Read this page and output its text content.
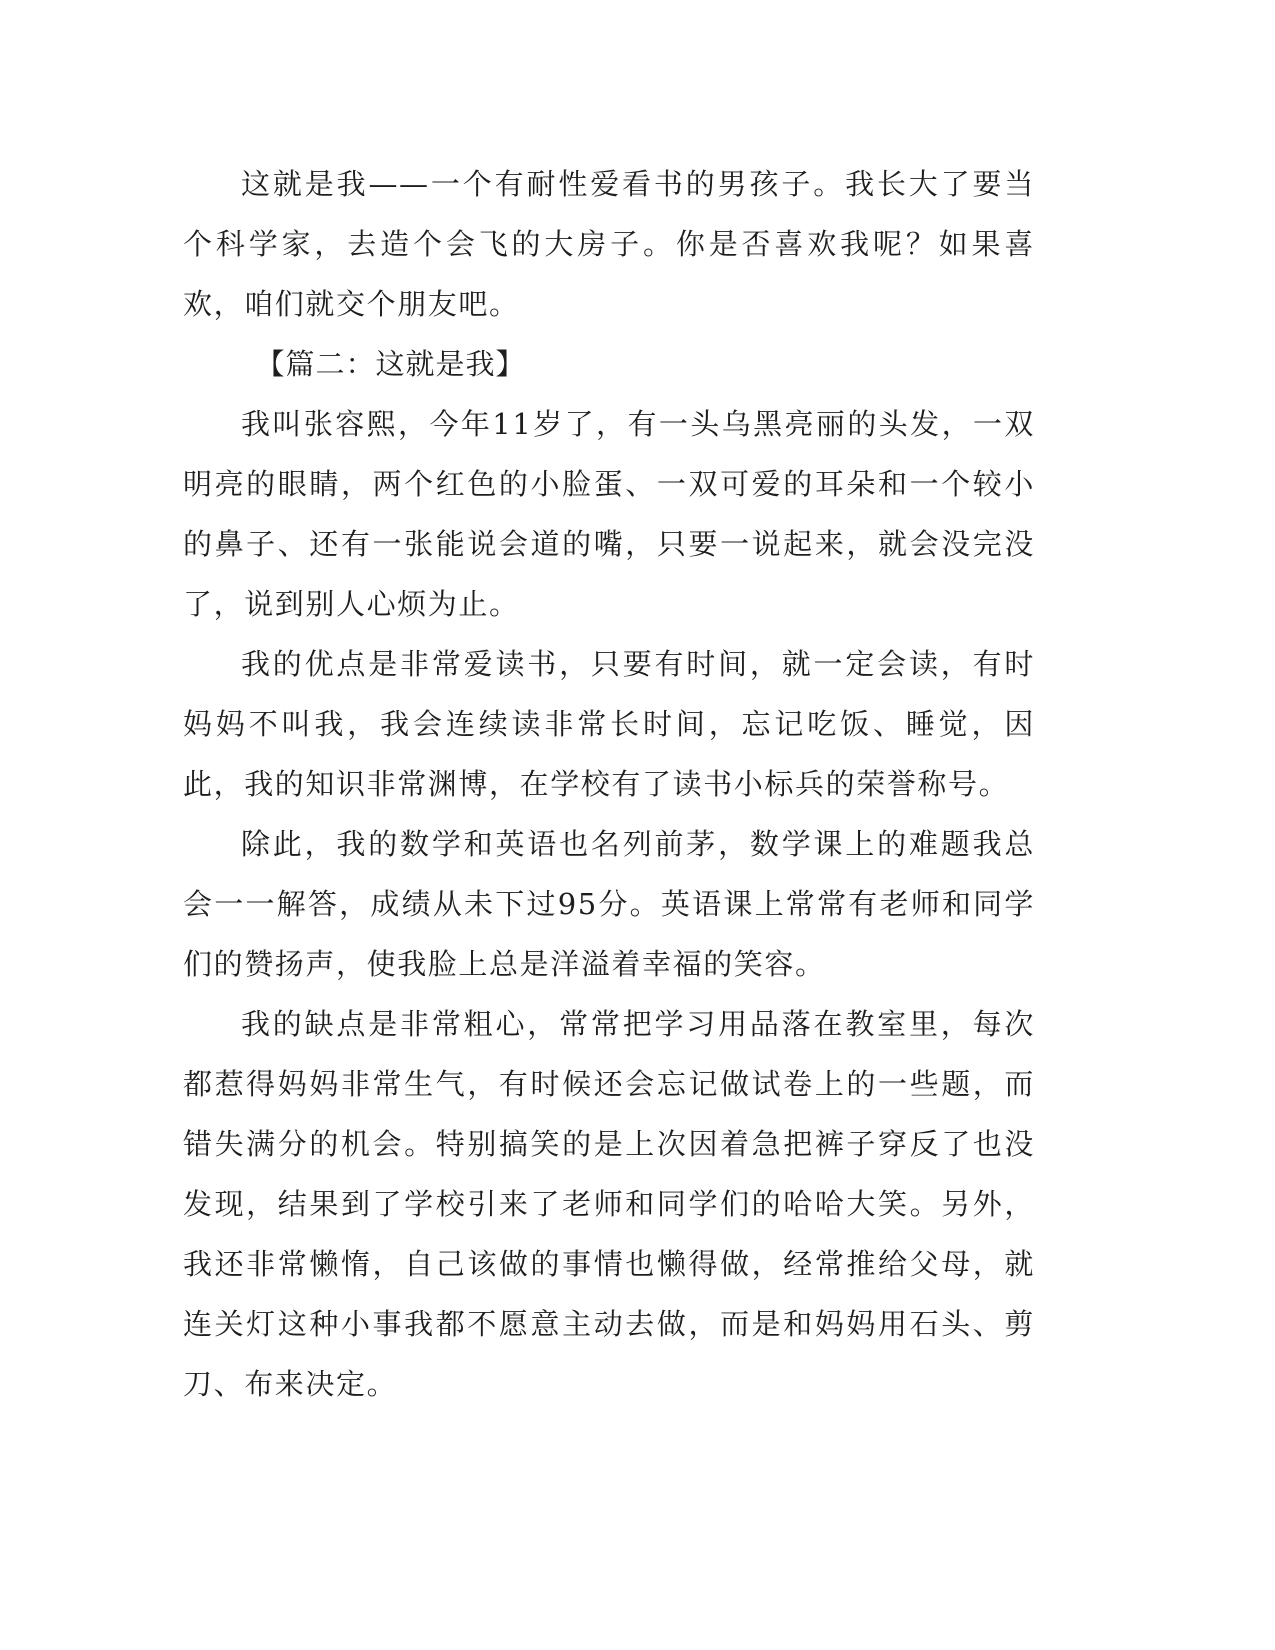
这就是我——一个有耐性爱看书的男孩子。我长大了要当个科学家，去造个会飞的大房子。你是否喜欢我呢？如果喜欢，咱们就交个朋友吧。

【篇二：这就是我】

我叫张容熙，今年11岁了，有一头乌黑亮丽的头发，一双明亮的眼睛，两个红色的小脸蛋、一双可爱的耳朵和一个较小的鼻子、还有一张能说会道的嘴，只要一说起来，就会没完没了，说到别人心烦为止。

我的优点是非常爱读书，只要有时间，就一定会读，有时妈妈不叫我，我会连续读非常长时间，忘记吃饭、睡觉，因此，我的知识非常渊博，在学校有了读书小标兵的荣誉称号。

除此，我的数学和英语也名列前茅，数学课上的难题我总会一一解答，成绩从未下过95分。英语课上常常有老师和同学们的赞扬声，使我脸上总是洋溢着幸福的笑容。

我的缺点是非常粗心，常常把学习用品落在教室里，每次都惹得妈妈非常生气，有时候还会忘记做试卷上的一些题，而错失满分的机会。特别搞笑的是上次因着急把裤子穿反了也没发现，结果到了学校引来了老师和同学们的哈哈大笑。另外，我还非常懒惰，自己该做的事情也懒得做，经常推给父母，就连关灯这种小事我都不愿意主动去做，而是和妈妈用石头、剪刀、布来决定。
